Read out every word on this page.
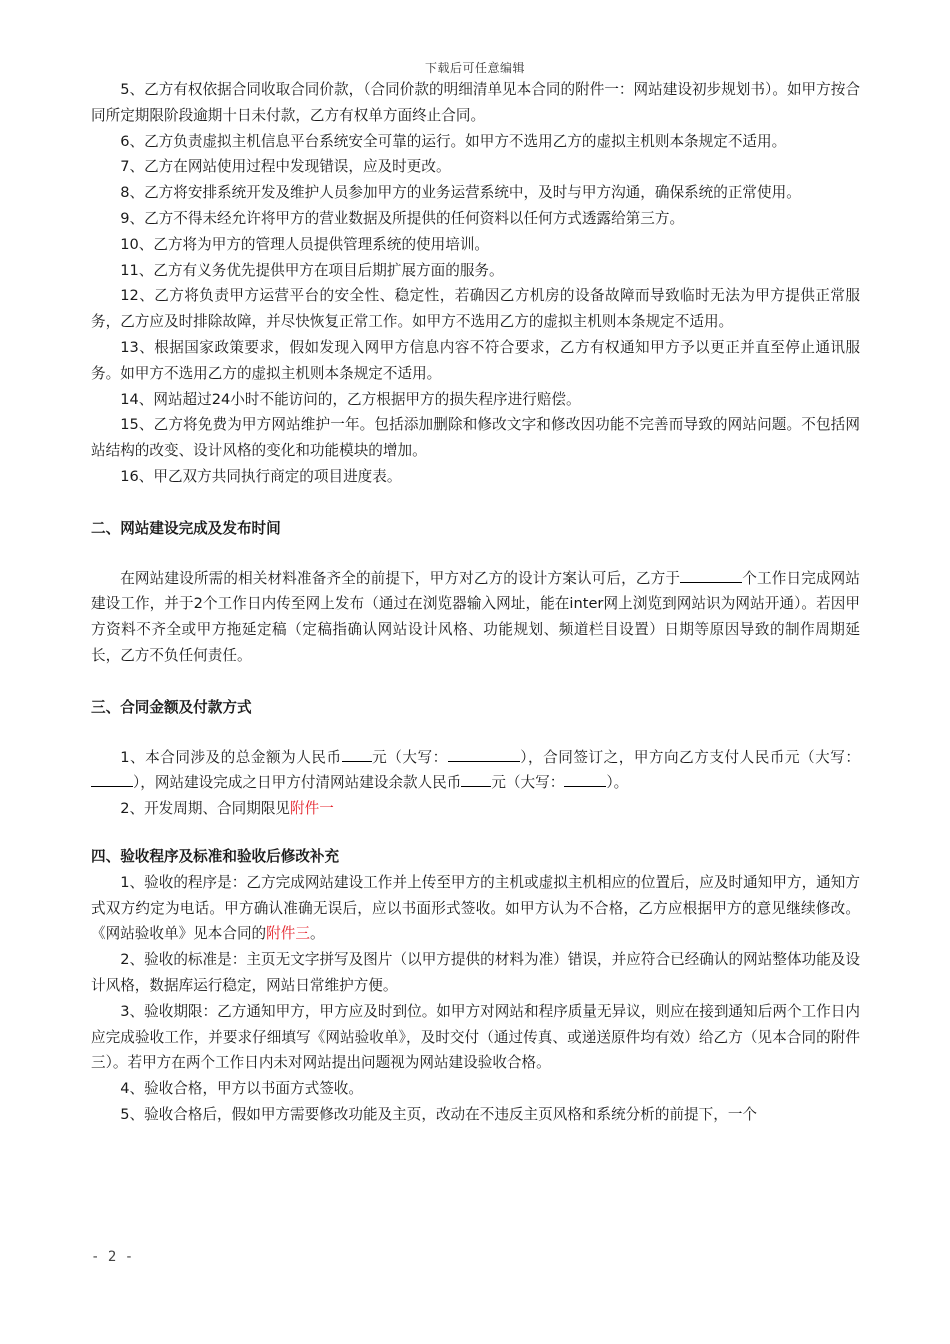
下载后可任意编辑

5、乙方有权依据合同收取合同价款，（合同价款的明细清单见本合同的附件一：网站建设初步规划书）。如甲方按合同所定期限阶段逾期十日未付款，乙方有权单方面终止合同。

6、乙方负责虚拟主机信息平台系统安全可靠的运行。如甲方不选用乙方的虚拟主机则本条规定不适用。

7、乙方在网站使用过程中发现错误，应及时更改。

8、乙方将安排系统开发及维护人员参加甲方的业务运营系统中，及时与甲方沟通，确保系统的正常使用。

9、乙方不得未经允许将甲方的营业数据及所提供的任何资料以任何方式透露给第三方。

10、乙方将为甲方的管理人员提供管理系统的使用培训。

11、乙方有义务优先提供甲方在项目后期扩展方面的服务。

12、乙方将负责甲方运营平台的安全性、稳定性，若确因乙方机房的设备故障而导致临时无法为甲方提供正常服务，乙方应及时排除故障，并尽快恢复正常工作。如甲方不选用乙方的虚拟主机则本条规定不适用。

13、根据国家政策要求，假如发现入网甲方信息内容不符合要求，乙方有权通知甲方予以更正并直至停止通讯服务。如甲方不选用乙方的虚拟主机则本条规定不适用。

14、网站超过24小时不能访问的，乙方根据甲方的损失程序进行赔偿。

15、乙方将免费为甲方网站维护一年。包括添加删除和修改文字和修改因功能不完善而导致的网站问题。不包括网站结构的改变、设计风格的变化和功能模块的增加。

16、甲乙双方共同执行商定的项目进度表。

二、网站建设完成及发布时间

在网站建设所需的相关材料准备齐全的前提下，甲方对乙方的设计方案认可后，乙方于	个工作日完成网站建设工作，并于2个工作日内传至网上发布（通过在浏览器输入网址，能在inter网上浏览到网站识为网站开通）。若因甲方资料不齐全或甲方拖延定稿（定稿指确认网站设计风格、功能规划、频道栏目设置）日期等原因导致的制作周期延长，乙方不负任何责任。

三、合同金额及付款方式

1、本合同涉及的总金额为人民币 元（大写：	），合同签订之，甲方向乙方支付人民币元（大写：），网站建设完成之日甲方付清网站建设余款人民币 元（大写：	）。

2、开发周期、合同期限见附件一

四、验收程序及标准和验收后修改补充

1、验收的程序是：乙方完成网站建设工作并上传至甲方的主机或虚拟主机相应的位置后，应及时通知甲方，通知方式双方约定为电话。甲方确认准确无误后，应以书面形式签收。如甲方认为不合格，乙方应根据甲方的意见继续修改。《网站验收单》见本合同的附件三。

2、验收的标准是：主页无文字拼写及图片（以甲方提供的材料为准）错误，并应符合已经确认的网站整体功能及设计风格，数据库运行稳定，网站日常维护方便。

3、验收期限：乙方通知甲方，甲方应及时到位。如甲方对网站和程序质量无异议，则应在接到通知后两个工作日内应完成验收工作，并要求仔细填写《网站验收单》，及时交付（通过传真、或递送原件均有效）给乙方（见本合同的附件三）。若甲方在两个工作日内未对网站提出问题视为网站建设验收合格。

4、验收合格，甲方以书面方式签收。

5、验收合格后，假如甲方需要修改功能及主页，改动在不违反主页风格和系统分析的前提下，一个

- 2 -
